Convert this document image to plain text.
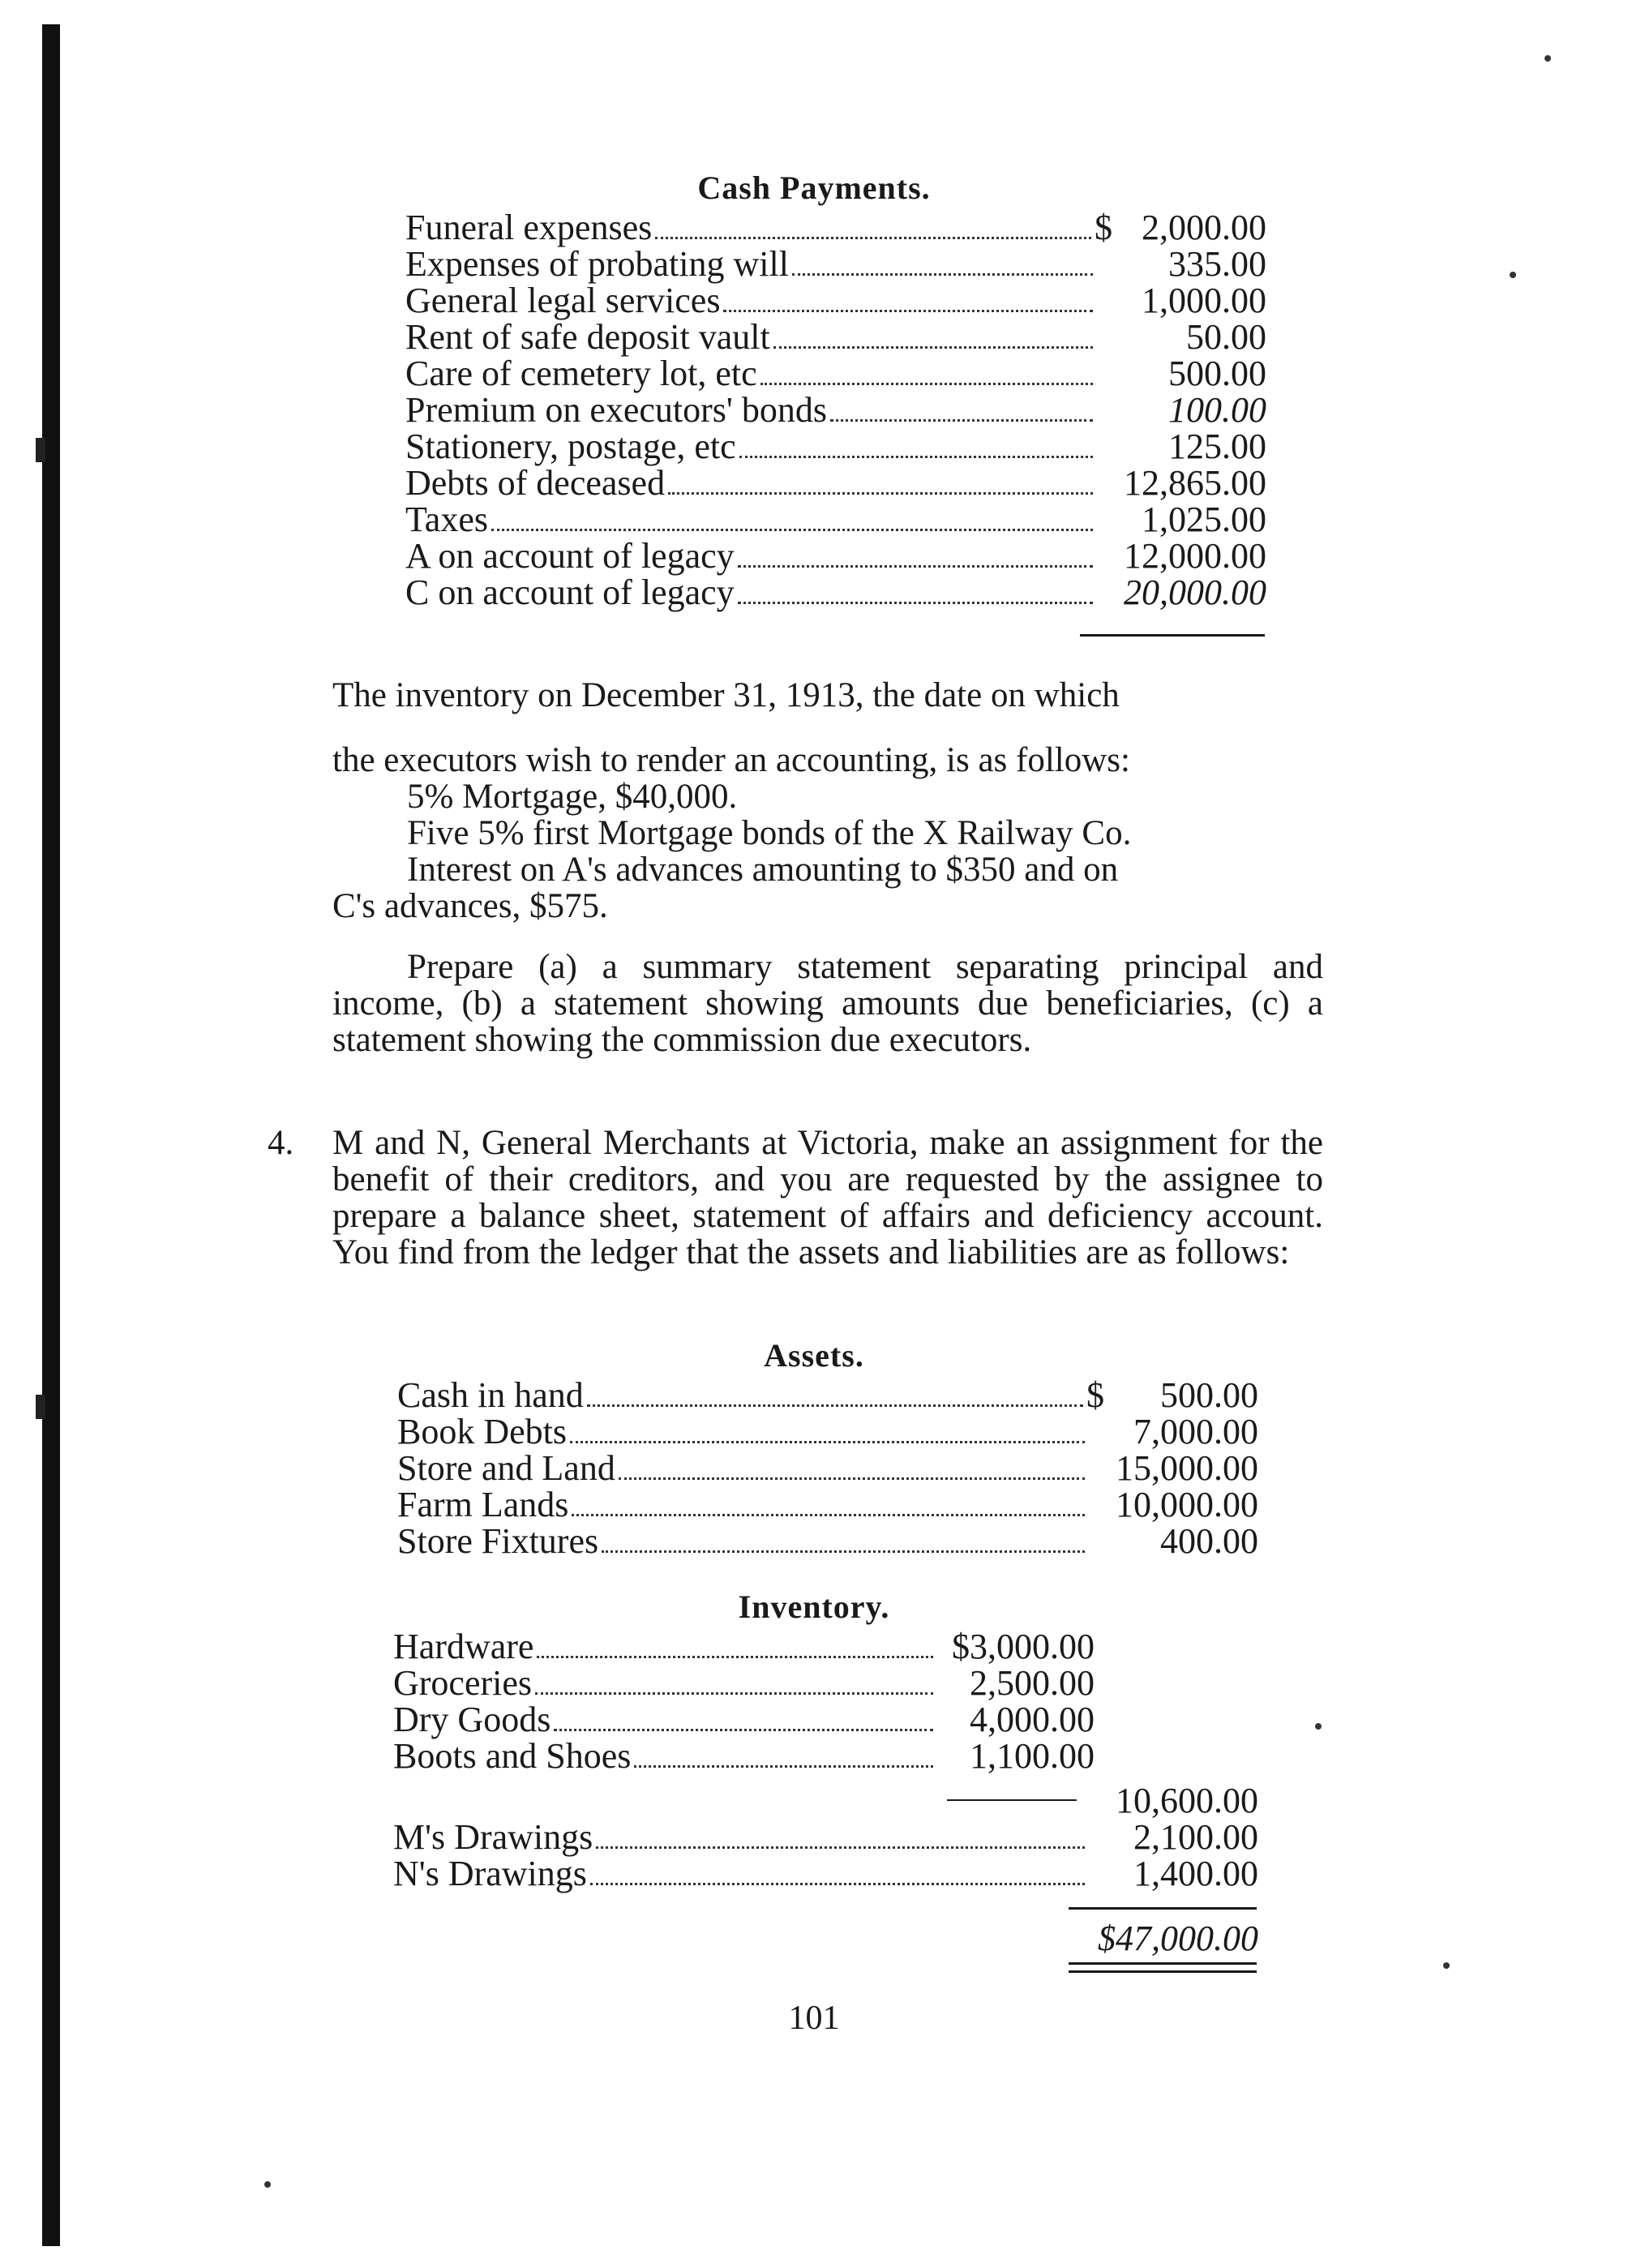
Cash Payments.
Funeral expenses	$ 2,000.00
Expenses of probating will	335.00
General legal services	1,000.00
Rent of safe deposit vault	50.00
Care of cemetery lot, etc	500.00
Premium on executors' bonds	100.00
Stationery, postage, etc	125.00
Debts of deceased	12,865.00
Taxes	1,025.00
A on account of legacy	12,000.00
C on account of legacy	20,000.00
The inventory on December 31, 1913, the date on which
the executors wish to render an accounting, is as follows:
5% Mortgage, $40,000.
Five 5% first Mortgage bonds of the X Railway Co.
Interest on A's advances amounting to $350 and on
C's advances, $575.
Prepare (a) a summary statement separating principal and income, (b) a statement showing amounts due beneficiaries, (c) a statement showing the commission due executors.
4. M and N, General Merchants at Victoria, make an assignment for the benefit of their creditors, and you are requested by the assignee to prepare a balance sheet, statement of affairs and deficiency account. You find from the ledger that the assets and liabilities are as follows:
Assets.
Cash in hand	$	500.00
Book Debts	7,000.00
Store and Land	15,000.00
Farm Lands	10,000.00
Store Fixtures	400.00
Inventory.
Hardware	$3,000.00
Groceries	2,500.00
Dry Goods	4,000.00
Boots and Shoes	1,100.00
10,600.00
M's Drawings	2,100.00
N's Drawings	1,400.00
$47,000.00
101
